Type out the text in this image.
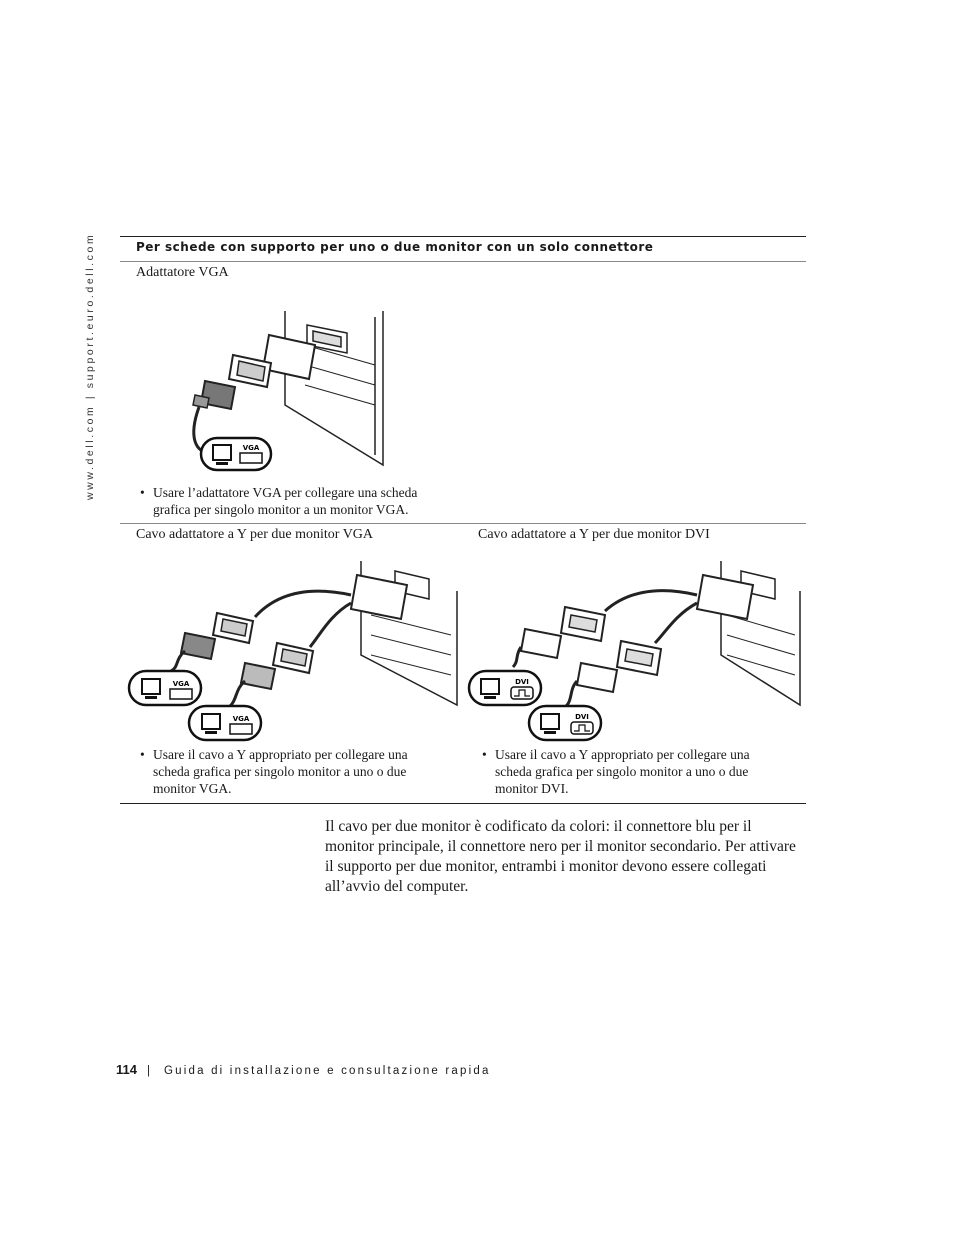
www.dell.com | support.euro.dell.com	Per schede con supporto per uno o due monitor con un solo connettore
Adattatore VGA
VGA
• Usare l’adattatore VGA per collegare una scheda
grafica per singolo monitor a un monitor VGA.
Cavo adattatore a Y per due monitor VGA	Cavo adattatore a Y per due monitor DVI
VGA
VGA
DVI
DVI
• Usare il cavo a Y appropriato per collegare una
scheda grafica per singolo monitor a uno o due
monitor VGA.
• Usare il cavo a Y appropriato per collegare una
scheda grafica per singolo monitor a uno o due
monitor DVI.
Il cavo per due monitor è codificato da colori: il connettore blu per il
monitor principale, il connettore nero per il monitor secondario. Per attivare
il supporto per due monitor, entrambi i monitor devono essere collegati
all’avvio del computer.
114 | Guida di installazione e consultazione rapida
